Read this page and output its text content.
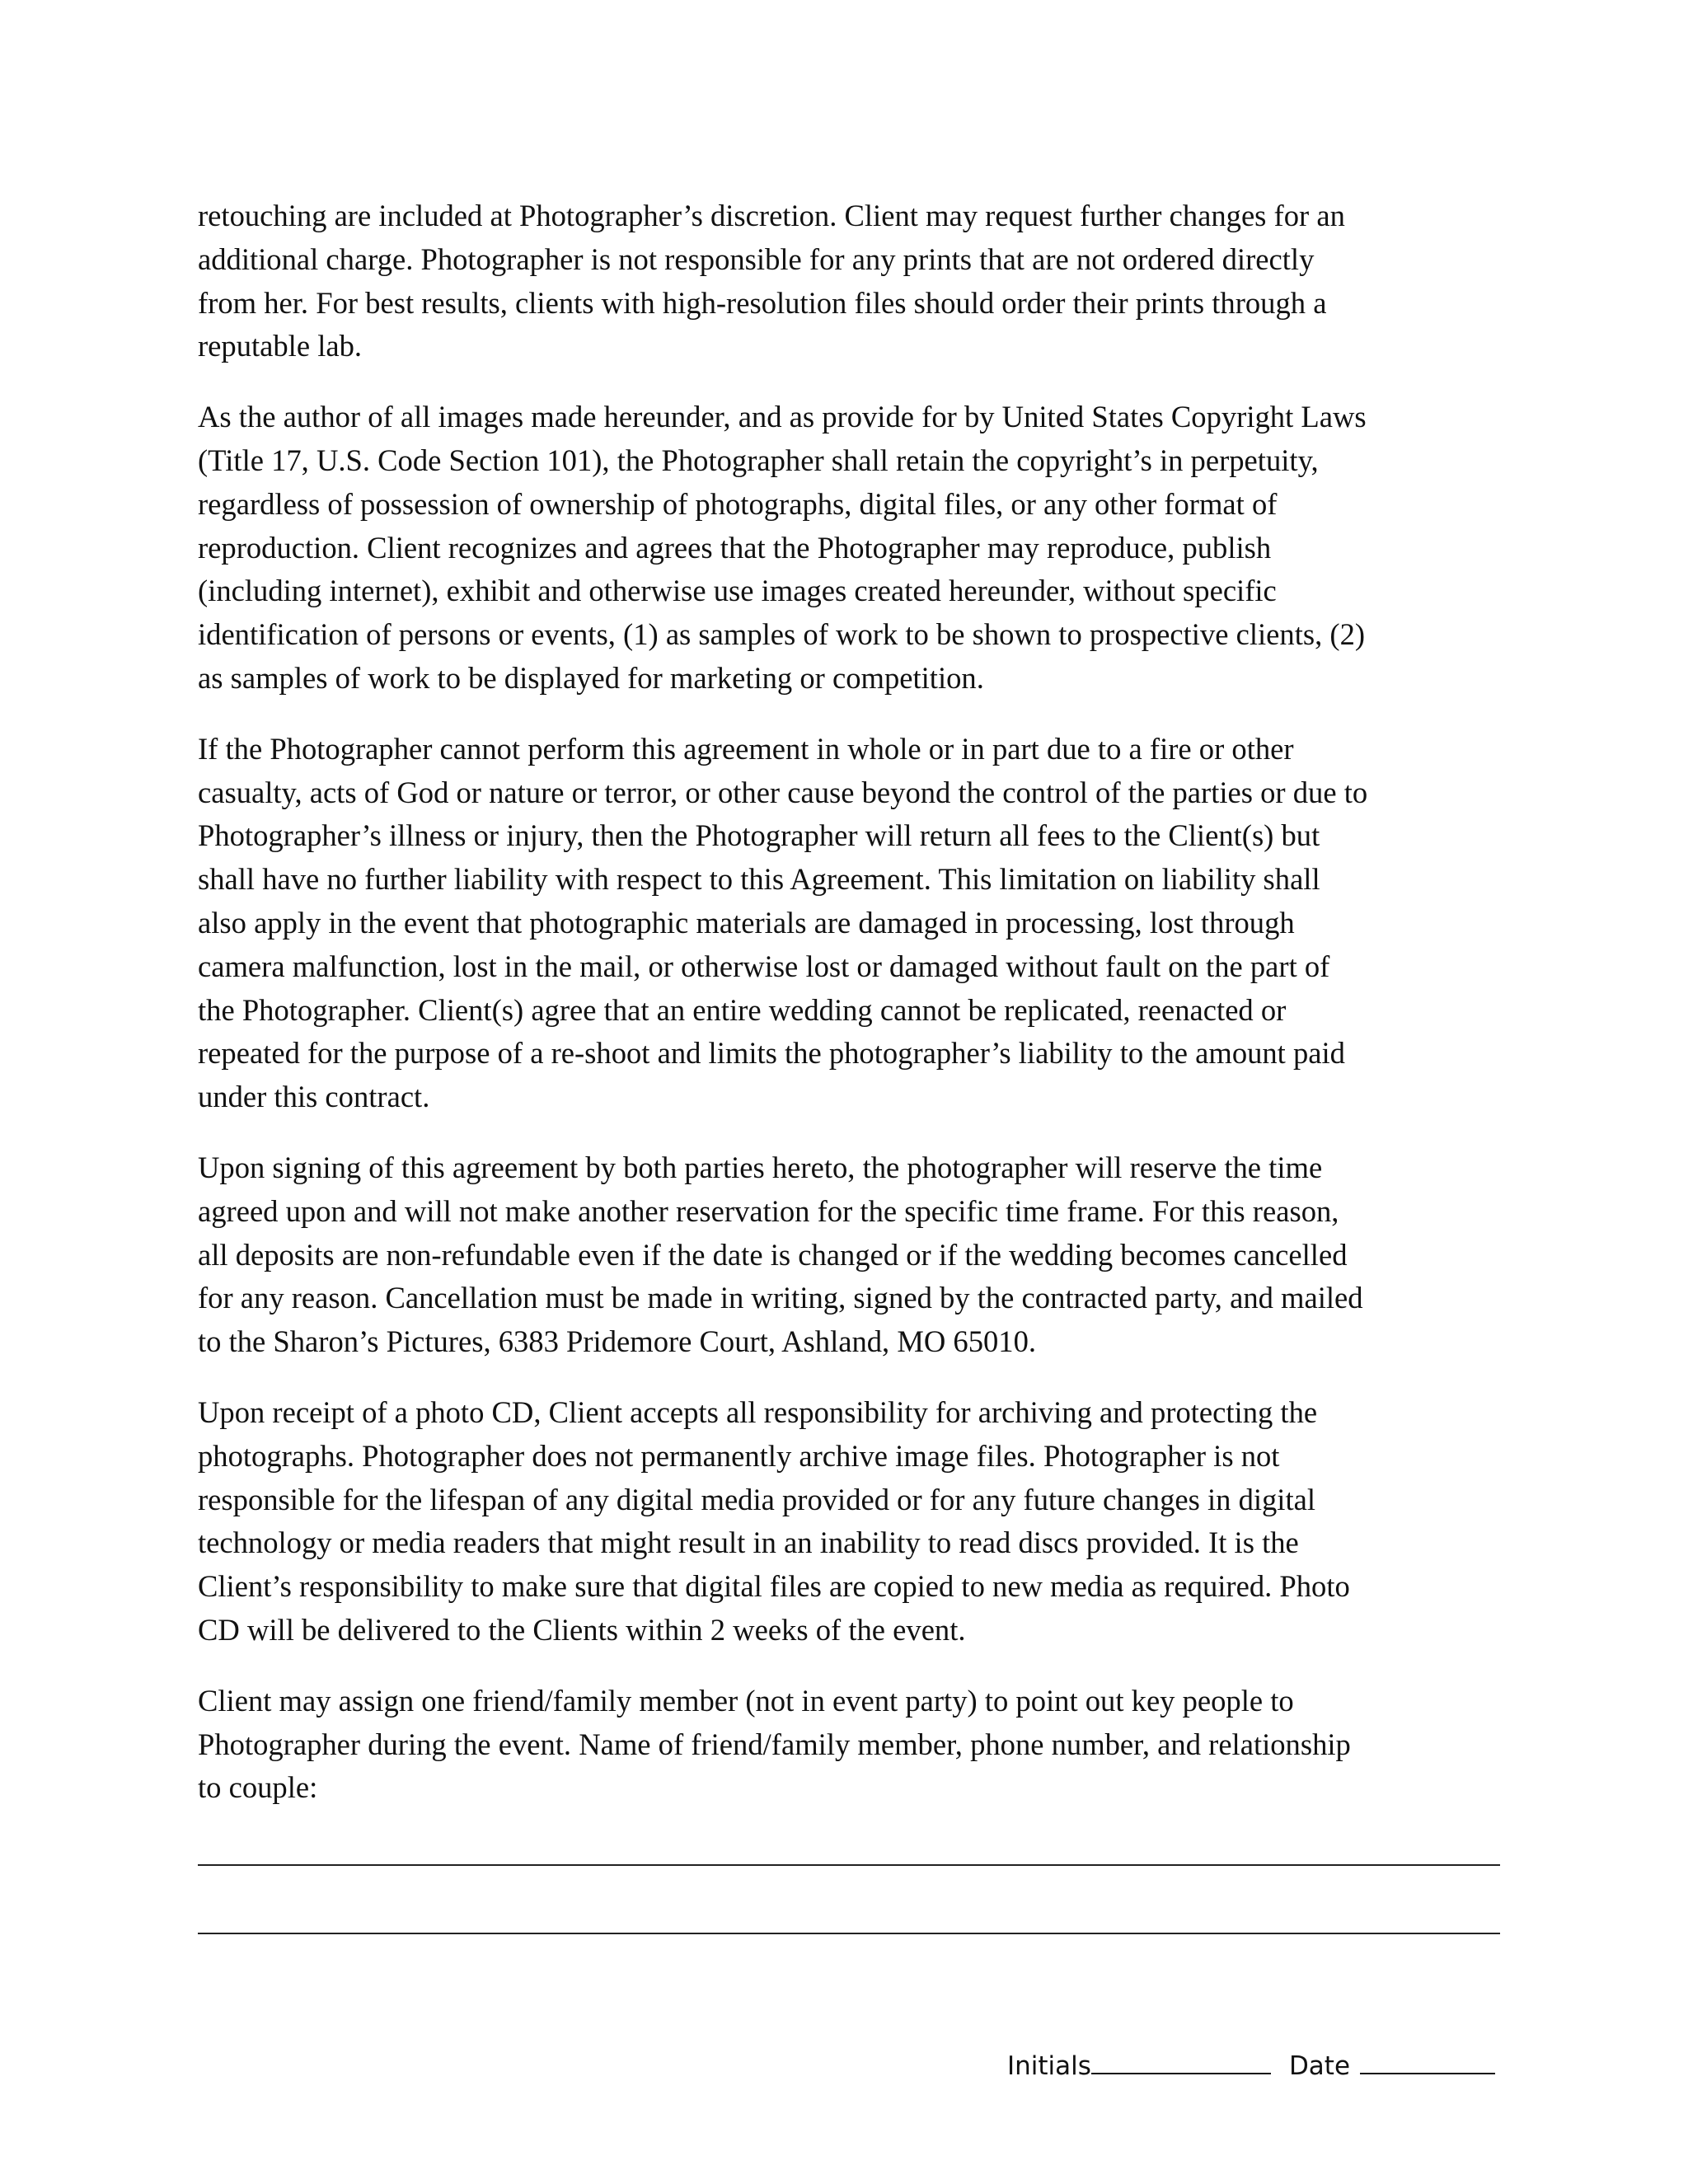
retouching are included at Photographer’s discretion. Client may request further changes for an
additional charge. Photographer is not responsible for any prints that are not ordered directly
from her. For best results, clients with high-resolution files should order their prints through a
reputable lab.

As the author of all images made hereunder, and as provide for by United States Copyright Laws
(Title 17, U.S. Code Section 101), the Photographer shall retain the copyright’s in perpetuity,
regardless of possession of ownership of photographs, digital files, or any other format of
reproduction. Client recognizes and agrees that the Photographer may reproduce, publish
(including internet), exhibit and otherwise use images created hereunder, without specific
identification of persons or events, (1) as samples of work to be shown to prospective clients, (2)
as samples of work to be displayed for marketing or competition.

If the Photographer cannot perform this agreement in whole or in part due to a fire or other
casualty, acts of God or nature or terror, or other cause beyond the control of the parties or due to
Photographer’s illness or injury, then the Photographer will return all fees to the Client(s) but
shall have no further liability with respect to this Agreement. This limitation on liability shall
also apply in the event that photographic materials are damaged in processing, lost through
camera malfunction, lost in the mail, or otherwise lost or damaged without fault on the part of
the Photographer. Client(s) agree that an entire wedding cannot be replicated, reenacted or
repeated for the purpose of a re-shoot and limits the photographer’s liability to the amount paid
under this contract.

Upon signing of this agreement by both parties hereto, the photographer will reserve the time
agreed upon and will not make another reservation for the specific time frame. For this reason,
all deposits are non-refundable even if the date is changed or if the wedding becomes cancelled
for any reason. Cancellation must be made in writing, signed by the contracted party, and mailed
to the Sharon’s Pictures, 6383 Pridemore Court, Ashland, MO 65010.

Upon receipt of a photo CD, Client accepts all responsibility for archiving and protecting the
photographs. Photographer does not permanently archive image files. Photographer is not
responsible for the lifespan of any digital media provided or for any future changes in digital
technology or media readers that might result in an inability to read discs provided. It is the
Client’s responsibility to make sure that digital files are copied to new media as required. Photo
CD will be delivered to the Clients within 2 weeks of the event.

Client may assign one friend/family member (not in event party) to point out key people to
Photographer during the event. Name of friend/family member, phone number, and relationship
to couple:

Initials	Date
